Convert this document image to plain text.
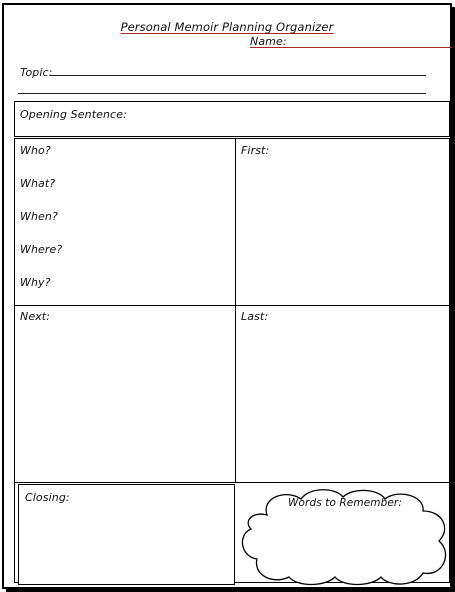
Personal Memoir Planning Organizer
Name:
Topic:
Opening Sentence:
Who?
What?
When?
Where?
Why?
First:
Next:	Last:
Closing:	Words to Remember:
